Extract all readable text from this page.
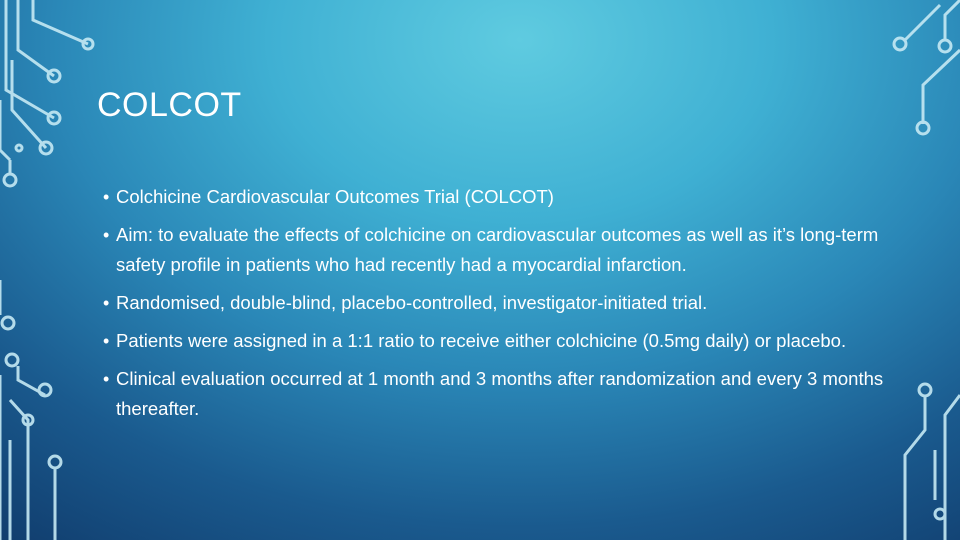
COLCOT
• Colchicine Cardiovascular Outcomes Trial (COLCOT)
• Aim: to evaluate the effects of colchicine on cardiovascular outcomes as well as it’s long-term safety profile in patients who had recently had a myocardial infarction.
• Randomised, double-blind, placebo-controlled, investigator-initiated trial.
• Patients were assigned in a 1:1 ratio to receive either colchicine (0.5mg daily) or placebo.
• Clinical evaluation occurred at 1 month and 3 months after randomization and every 3 months thereafter.
